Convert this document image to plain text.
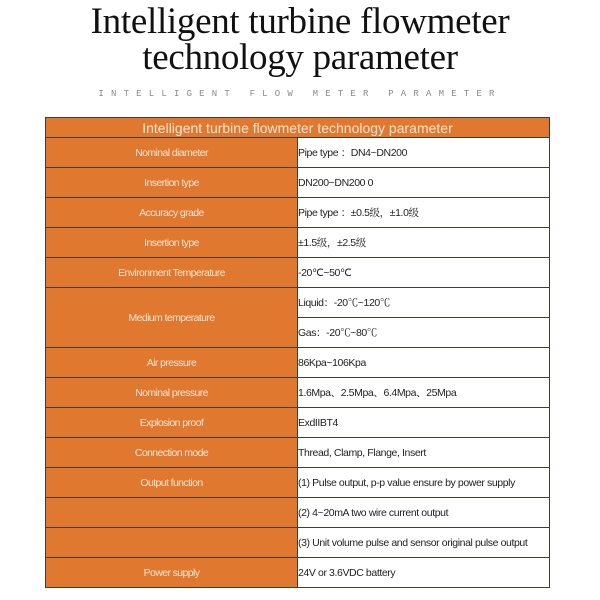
Intelligent turbine flowmeter
technology parameter
INTELLIGENT FLOW METER PARAMETER
Intelligent turbine flowmeter technology parameter	
Nominal diameter	Pipe type ：DN4~DN200
Insertion type	DN200~DN200 0
Accuracy grade	Pipe type ：±0.5级，±1.0级
Insertion type	±1.5级，±2.5级
Environment Temperature	-20℃~50℃
Medium temperature	Liquid：-20℃~120℃
	Gas：-20℃~80℃
Air pressure	86Kpa~106Kpa
Nominal pressure	1.6Mpa、2.5Mpa、6.4Mpa、25Mpa
Explosion proof	ExdIIBT4
Connection mode	Thread, Clamp, Flange, Insert
Output function	(1) Pulse output, p-p value ensure by power supply
	(2) 4~20mA two wire current output
	(3) Unit volume pulse and sensor original pulse output
Power supply	24V or 3.6VDC battery
